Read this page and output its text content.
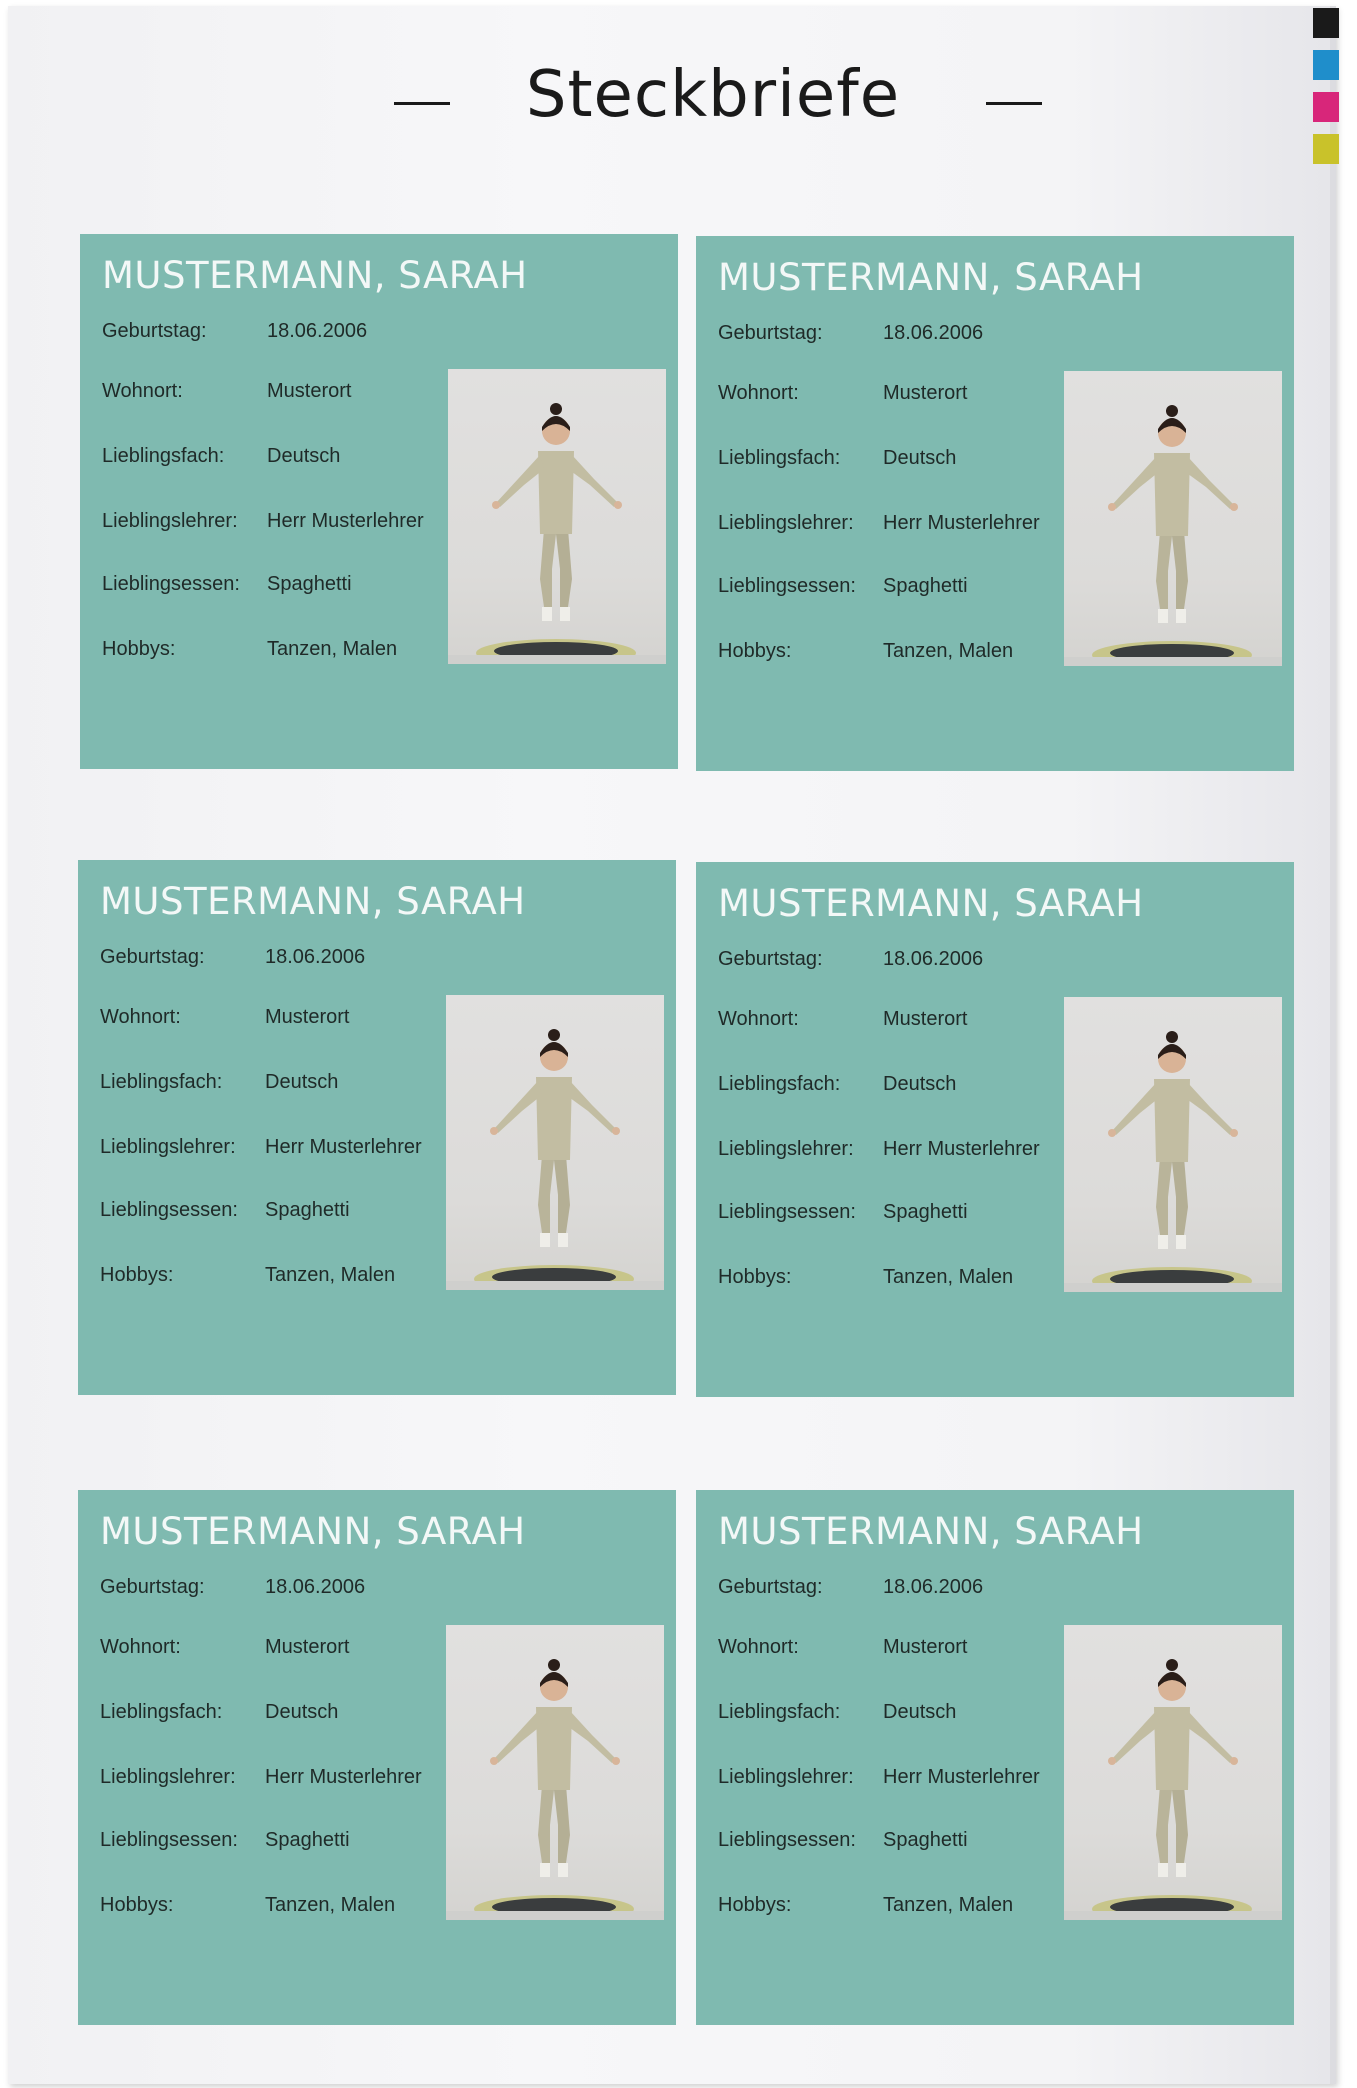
Steckbriefe
MUSTERMANN, SARAH
Geburtstag:	18.06.2006
Wohnort:	Musterort
Lieblingsfach: Deutsch
Lieblingslehrer: Herr Musterlehrer
Lieblingsessen: Spaghetti
Hobbys:	Tanzen, Malen
MUSTERMANN, SARAH
Geburtstag:	18.06.2006
Wohnort:	Musterort
Lieblingsfach: Deutsch
Lieblingslehrer: Herr Musterlehrer
Lieblingsessen: Spaghetti
Hobbys:	Tanzen, Malen
MUSTERMANN, SARAH
Geburtstag:	18.06.2006
Wohnort:	Musterort
Lieblingsfach: Deutsch
Lieblingslehrer: Herr Musterlehrer
Lieblingsessen: Spaghetti
Hobbys:	Tanzen, Malen
MUSTERMANN, SARAH
Geburtstag:	18.06.2006
Wohnort:	Musterort
Lieblingsfach: Deutsch
Lieblingslehrer: Herr Musterlehrer
Lieblingsessen: Spaghetti
Hobbys:	Tanzen, Malen
MUSTERMANN, SARAH
Geburtstag:	18.06.2006
Wohnort:	Musterort
Lieblingsfach: Deutsch
Lieblingslehrer: Herr Musterlehrer
Lieblingsessen: Spaghetti
Hobbys:	Tanzen, Malen
MUSTERMANN, SARAH
Geburtstag:	18.06.2006
Wohnort:	Musterort
Lieblingsfach: Deutsch
Lieblingslehrer: Herr Musterlehrer
Lieblingsessen: Spaghetti
Hobbys:	Tanzen, Malen
